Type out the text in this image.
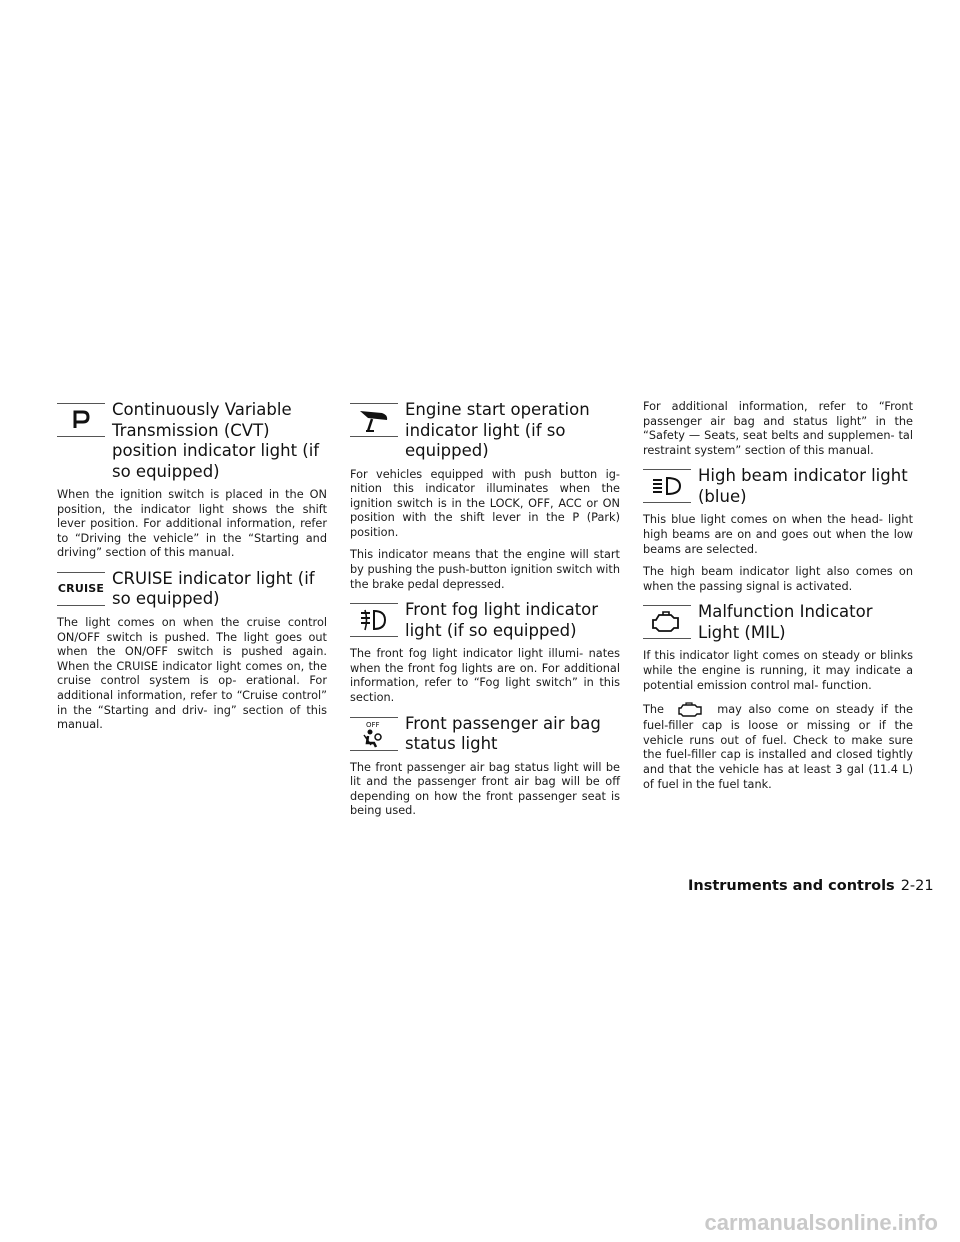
Continuously Variable Transmission (CVT) position indicator light (if so equipped)

When the ignition switch is placed in the ON position, the indicator light shows the shift lever position. For additional information, refer to “Driving the vehicle” in the “Starting and driving” section of this manual.

CRUISE
CRUISE indicator light (if so equipped)

The light comes on when the cruise control ON/OFF switch is pushed. The light goes out when the ON/OFF switch is pushed again. When the CRUISE indicator light comes on, the cruise control system is op- erational. For additional information, refer to “Cruise control” in the “Starting and driv- ing” section of this manual.

Engine start operation indicator light (if so equipped)

For vehicles equipped with push button ig- nition this indicator illuminates when the ignition switch is in the LOCK, OFF, ACC or ON position with the shift lever in the P (Park) position.

This indicator means that the engine will start by pushing the push-button ignition switch with the brake pedal depressed.

Front fog light indicator light (if so equipped)

The front fog light indicator light illumi- nates when the front fog lights are on. For additional information, refer to “Fog light switch” in this section.

OFF Front passenger air bag status light

The front passenger air bag status light will be lit and the passenger front air bag will be off depending on how the front passenger seat is being used.

For additional information, refer to “Front passenger air bag and status light” in the “Safety — Seats, seat belts and supplemen- tal restraint system” section of this manual.

High beam indicator light (blue)

This blue light comes on when the head- light high beams are on and goes out when the low beams are selected.

The high beam indicator light also comes on when the passing signal is activated.

Malfunction Indicator Light (MIL)

If this indicator light comes on steady or blinks while the engine is running, it may indicate a potential emission control mal- function.

The	may also come on steady if the fuel-filler cap is loose or missing or if the vehicle runs out of fuel. Check to make sure the fuel-filler cap is installed and closed tightly and that the vehicle has at least 3 gal (11.4 L) of fuel in the fuel tank.

Instruments and controls 2-21
carmanualsonline.info
